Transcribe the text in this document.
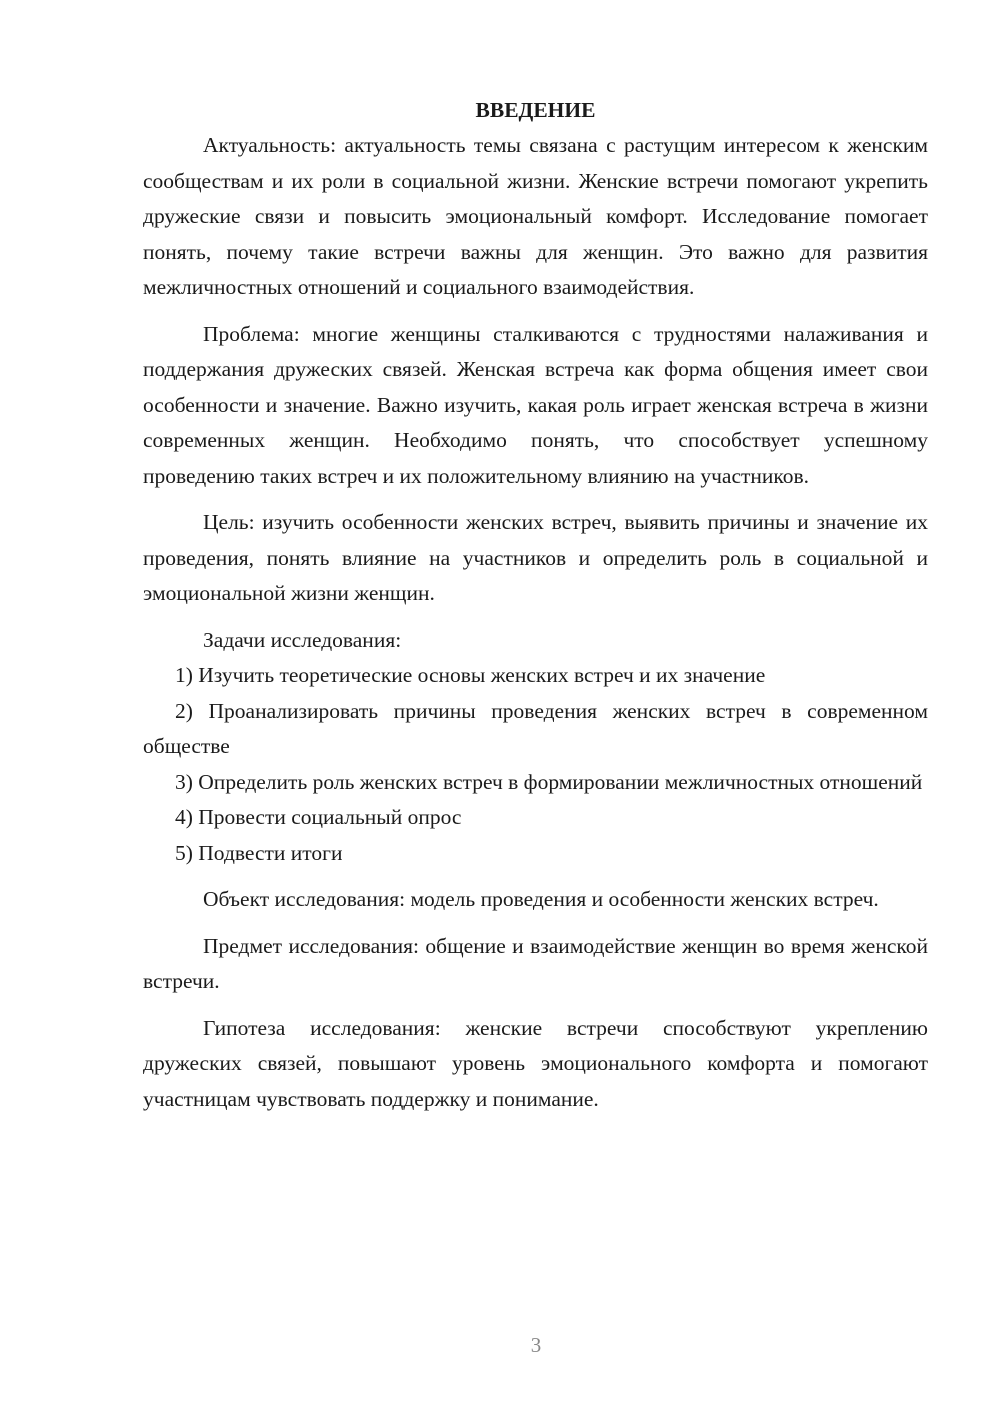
ВВЕДЕНИЕ

Актуальность: актуальность темы связана с растущим интересом к женским сообществам и их роли в социальной жизни. Женские встречи помогают укрепить дружеские связи и повысить эмоциональный комфорт. Исследование помогает понять, почему такие встречи важны для женщин. Это важно для развития межличностных отношений и социального взаимодействия.

Проблема: многие женщины сталкиваются с трудностями налаживания и поддержания дружеских связей. Женская встреча как форма общения имеет свои особенности и значение. Важно изучить, какая роль играет женская встреча в жизни современных женщин. Необходимо понять, что способствует успешному проведению таких встреч и их положительному влиянию на участников.

Цель: изучить особенности женских встреч, выявить причины и значение их проведения, понять влияние на участников и определить роль в социальной и эмоциональной жизни женщин.

Задачи исследования:

1) Изучить теоретические основы женских встреч и их значение

2) Проанализировать причины проведения женских встреч в современном обществе

3) Определить роль женских встреч в формировании межличностных отношений

4) Провести социальный опрос

5) Подвести итоги

Объект исследования: модель проведения и особенности женских встреч.

Предмет исследования: общение и взаимодействие женщин во время женской встречи.

Гипотеза исследования: женские встречи способствуют укреплению дружеских связей, повышают уровень эмоционального комфорта и помогают участницам чувствовать поддержку и понимание.

3
